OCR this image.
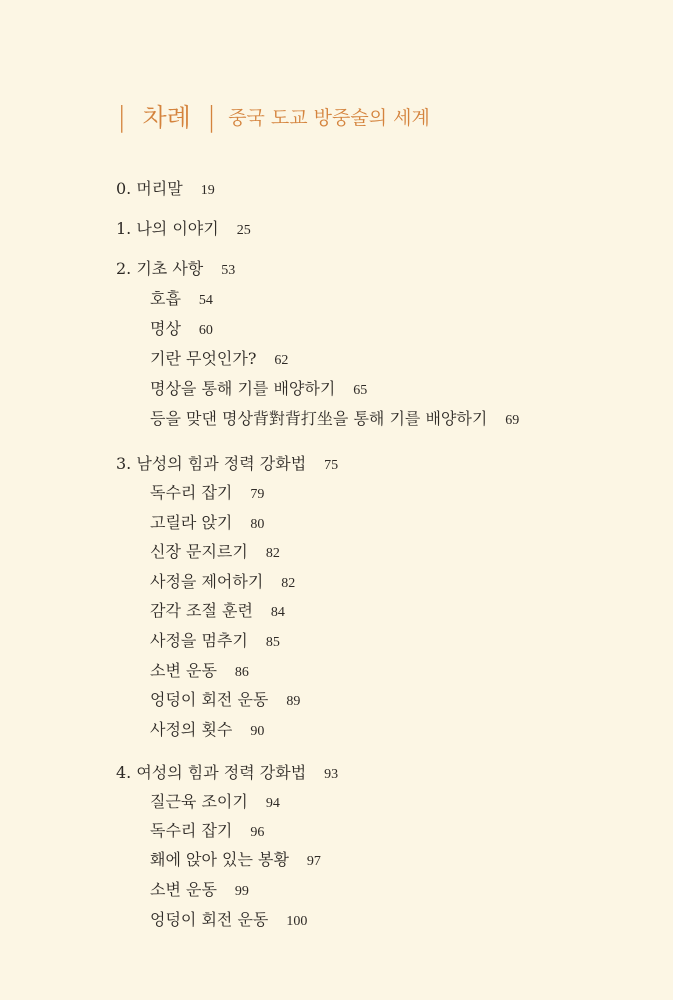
| 차례 | 중국 도교 방중술의 세계
0. 머리말 19
1. 나의 이야기 25
2. 기초 사항 53
호흡 54
명상 60
기란 무엇인가? 62
명상을 통해 기를 배양하기 65
등을 맞댄 명상背對背打坐을 통해 기를 배양하기 69
3. 남성의 힘과 정력 강화법 75
독수리 잡기 79
고릴라 앉기 80
신장 문지르기 82
사정을 제어하기 82
감각 조절 훈련 84
사정을 멈추기 85
소변 운동 86
엉덩이 회전 운동 89
사정의 횟수 90
4. 여성의 힘과 정력 강화법 93
질근육 조이기 94
독수리 잡기 96
홰에 앉아 있는 봉황 97
소변 운동 99
엉덩이 회전 운동 100
